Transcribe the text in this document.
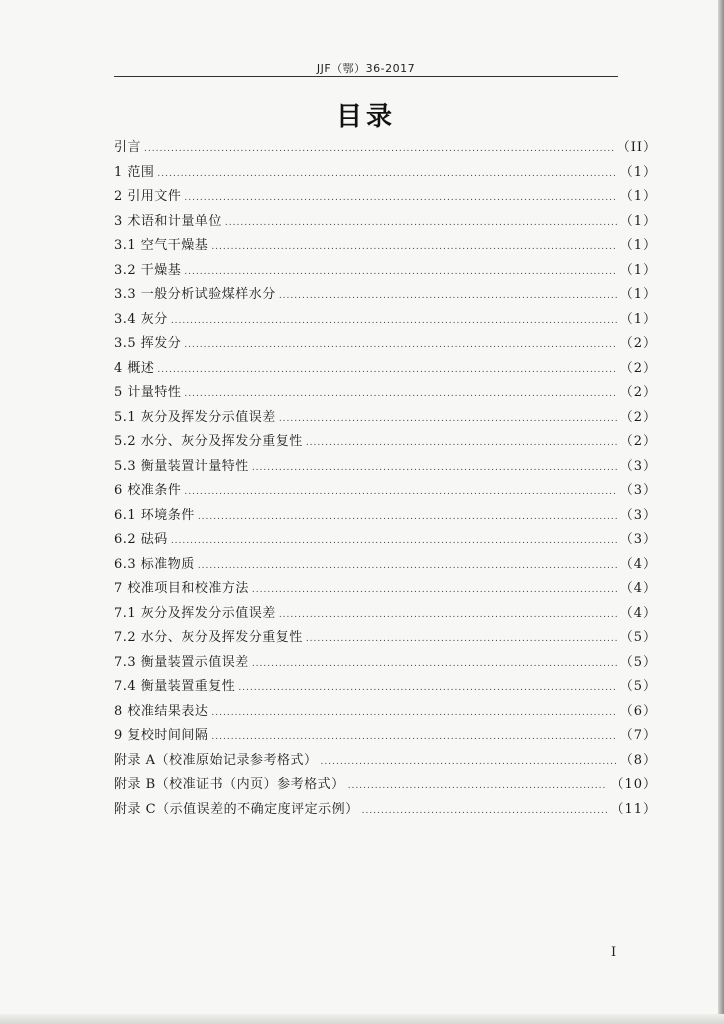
JJF（鄂）36-2017
目录
引言 .....	（II）
1 范围 .....	（1）
2 引用文件 .....	（1）
3 术语和计量单位 .....	（1）
3.1 空气干燥基 .....	（1）
3.2 干燥基 .....	（1）
3.3 一般分析试验煤样水分 .....	（1）
3.4 灰分 .....	（1）
3.5 挥发分 .....	（2）
4 概述 .....	（2）
5 计量特性 .....	（2）
5.1 灰分及挥发分示值误差 .....	（2）
5.2 水分、灰分及挥发分重复性 .....	（2）
5.3 衡量装置计量特性 .....	（3）
6 校准条件 .....	（3）
6.1 环境条件 .....	（3）
6.2 砝码 .....	（3）
6.3 标准物质 .....	（4）
7 校准项目和校准方法 .....	（4）
7.1 灰分及挥发分示值误差 .....	（4）
7.2 水分、灰分及挥发分重复性 .....	（5）
7.3 衡量装置示值误差 .....	（5）
7.4 衡量装置重复性 .....	（5）
8 校准结果表达 .....	（6）
9 复校时间间隔 .....	（7）
附录 A（校准原始记录参考格式） .....	（8）
附录 B（校准证书（内页）参考格式） .....	（10）
附录 C（示值误差的不确定度评定示例） .....	（11）
I
